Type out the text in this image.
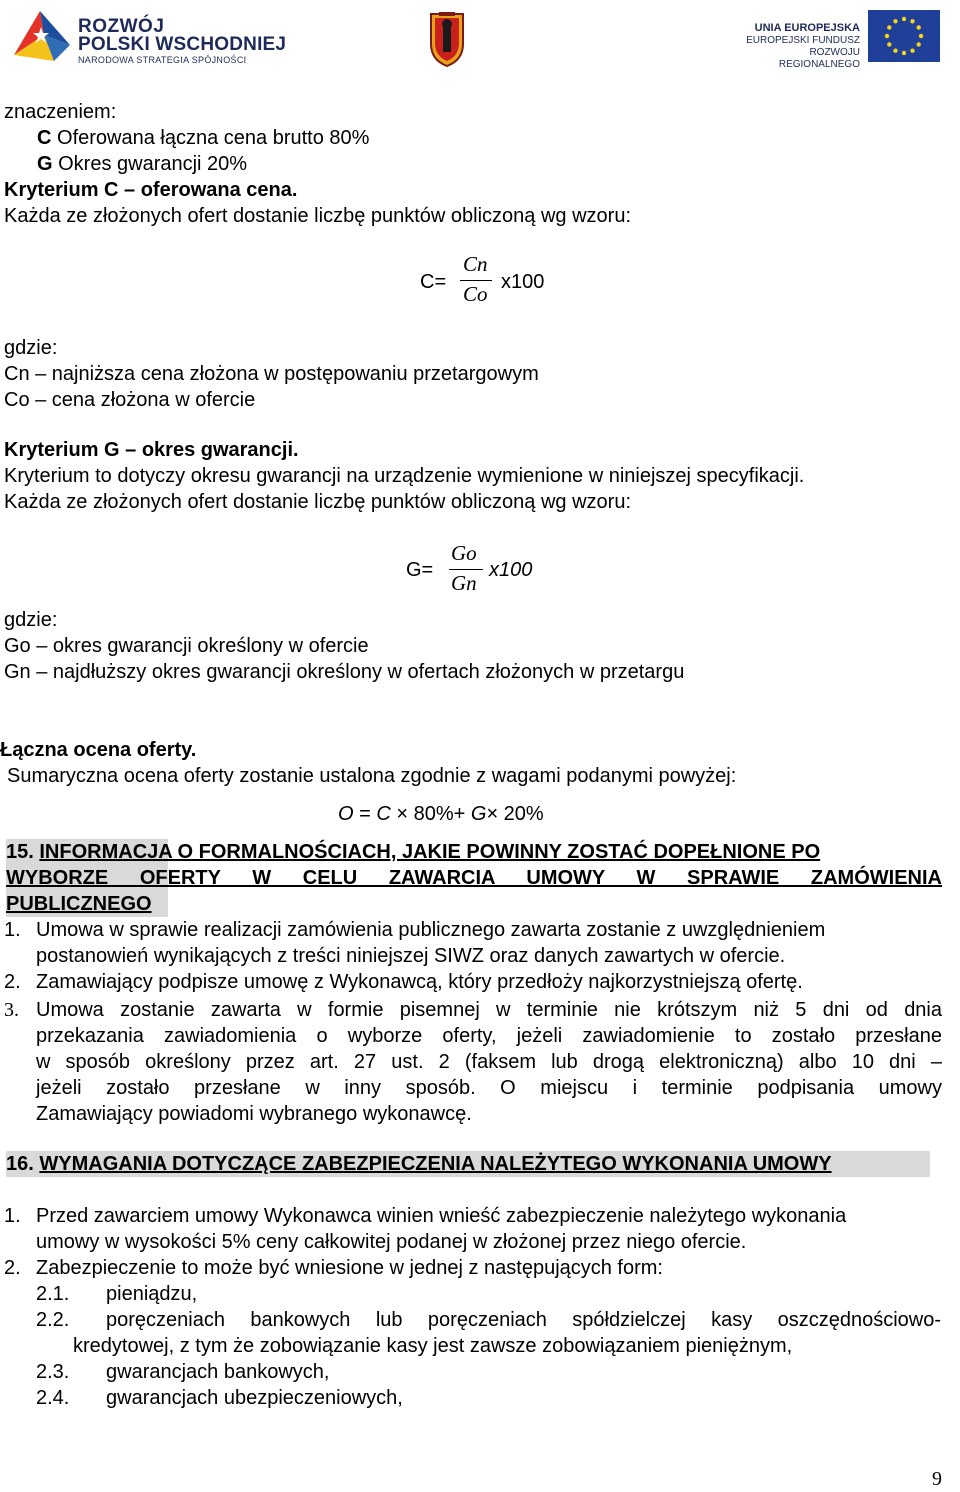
ROZWÓJ
POLSKI WSCHODNIEJ
NARODOWA STRATEGIA SPÓJNOŚCI
UNIA EUROPEJSKA
EUROPEJSKI FUNDUSZ
ROZWOJU REGIONALNEGO

znaczeniem:

C Oferowana łączna cena brutto 80%

G Okres gwarancji 20%

Kryterium C – oferowana cena.

Każda ze złożonych ofert dostanie liczbę punktów obliczoną wg wzoru:

C=
Cn
Co x100

gdzie:

Cn – najniższa cena złożona w postępowaniu przetargowym

Co – cena złożona w ofercie

Kryterium G – okres gwarancji.

Kryterium to dotyczy okresu gwarancji na urządzenie wymienione w niniejszej specyfikacji.

Każda ze złożonych ofert dostanie liczbę punktów obliczoną wg wzoru:

G=
Go
Gn
x100

gdzie:

Go – okres gwarancji określony w ofercie

Gn – najdłuższy okres gwarancji określony w ofertach złożonych w przetargu

Łączna ocena oferty.

Sumaryczna ocena oferty zostanie ustalona zgodnie z wagami podanymi powyżej:

O = C × 80%+ G× 20%
15. INFORMACJA O FORMALNOŚCIACH, JAKIE POWINNY ZOSTAĆ DOPEŁNIONE PO
WYBORZE OFERTY W CELU ZAWARCIA UMOWY W SPRAWIE ZAMÓWIENIA
PUBLICZNEGO
1. Umowa w sprawie realizacji zamówienia publicznego zawarta zostanie z uwzględnieniem
postanowień wynikających z treści niniejszej SIWZ oraz danych zawartych w ofercie.
2. Zamawiający podpisze umowę z Wykonawcą, który przedłoży najkorzystniejszą ofertę.
3. Umowa zostanie zawarta w formie pisemnej w terminie nie krótszym niż 5 dni od dnia
przekazania zawiadomienia o wyborze oferty, jeżeli zawiadomienie to zostało przesłane
w sposób określony przez art. 27 ust. 2 (faksem lub drogą elektroniczną) albo 10 dni –
jeżeli zostało przesłane w inny sposób. O miejscu i terminie podpisania umowy
Zamawiający powiadomi wybranego wykonawcę.
16. WYMAGANIA DOTYCZĄCE ZABEZPIECZENIA NALEŻYTEGO WYKONANIA UMOWY
1. Przed zawarciem umowy Wykonawca winien wnieść zabezpieczenie należytego wykonania
umowy w wysokości 5% ceny całkowitej podanej w złożonej przez niego ofercie.
2. Zabezpieczenie to może być wniesione w jednej z następujących form:
2.1. pieniądzu,
2.2.	poręczeniach bankowych lub poręczeniach spółdzielczej kasy oszczędnościowo-
kredytowej, z tym że zobowiązanie kasy jest zawsze zobowiązaniem pieniężnym,
2.3. gwarancjach bankowych,
2.4. gwarancjach ubezpieczeniowych,
9
